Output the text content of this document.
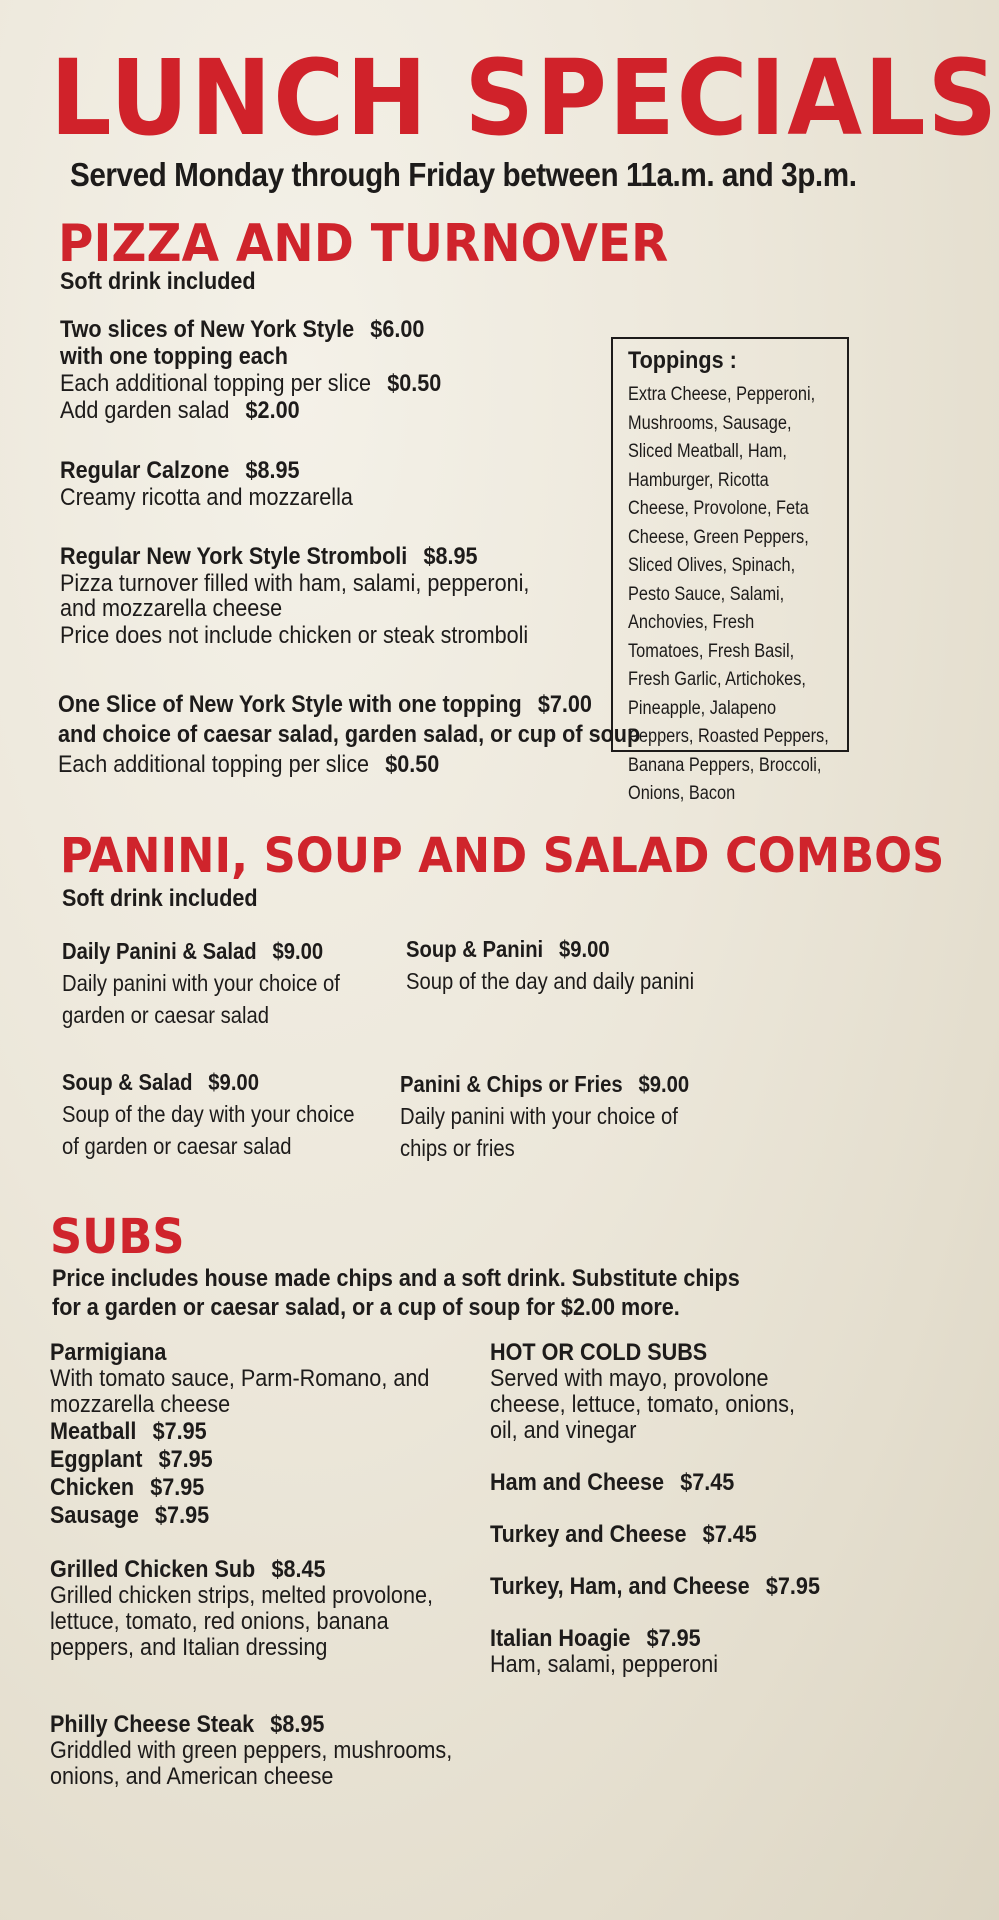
LUNCH SPECIALS
Served Monday through Friday between 11a.m. and 3p.m.
PIZZA AND TURNOVER
Soft drink included
Two slices of New York Style $6.00
with one topping each
Each additional topping per slice $0.50
Add garden salad $2.00
Regular Calzone $8.95
Creamy ricotta and mozzarella
Regular New York Style Stromboli $8.95
Pizza turnover filled with ham, salami, pepperoni,
and mozzarella cheese
Price does not include chicken or steak stromboli
One Slice of New York Style with one topping $7.00
and choice of caesar salad, garden salad, or cup of soup
Each additional topping per slice $0.50
Toppings :
Extra Cheese, Pepperoni, Mushrooms, Sausage, Sliced Meatball, Ham, Hamburger, Ricotta Cheese, Provolone, Feta Cheese, Green Peppers, Sliced Olives, Spinach, Pesto Sauce, Salami, Anchovies, Fresh Tomatoes, Fresh Basil, Fresh Garlic, Artichokes, Pineapple, Jalapeno Peppers, Roasted Peppers, Banana Peppers, Broccoli, Onions, Bacon
PANINI, SOUP AND SALAD COMBOS
Soft drink included
Daily Panini & Salad $9.00
Daily panini with your choice of
garden or caesar salad
Soup & Panini $9.00
Soup of the day and daily panini
Soup & Salad $9.00
Soup of the day with your choice
of garden or caesar salad
Panini & Chips or Fries $9.00
Daily panini with your choice of
chips or fries
SUBS
Price includes house made chips and a soft drink. Substitute chips
for a garden or caesar salad, or a cup of soup for $2.00 more.
Parmigiana
With tomato sauce, Parm-Romano, and
mozzarella cheese
Meatball $7.95
Eggplant $7.95
Chicken $7.95
Sausage $7.95
Grilled Chicken Sub $8.45
Grilled chicken strips, melted provolone,
lettuce, tomato, red onions, banana
peppers, and Italian dressing
Philly Cheese Steak $8.95
Griddled with green peppers, mushrooms,
onions, and American cheese
HOT OR COLD SUBS
Served with mayo, provolone
cheese, lettuce, tomato, onions,
oil, and vinegar
Ham and Cheese $7.45
Turkey and Cheese $7.45
Turkey, Ham, and Cheese $7.95
Italian Hoagie $7.95
Ham, salami, pepperoni
